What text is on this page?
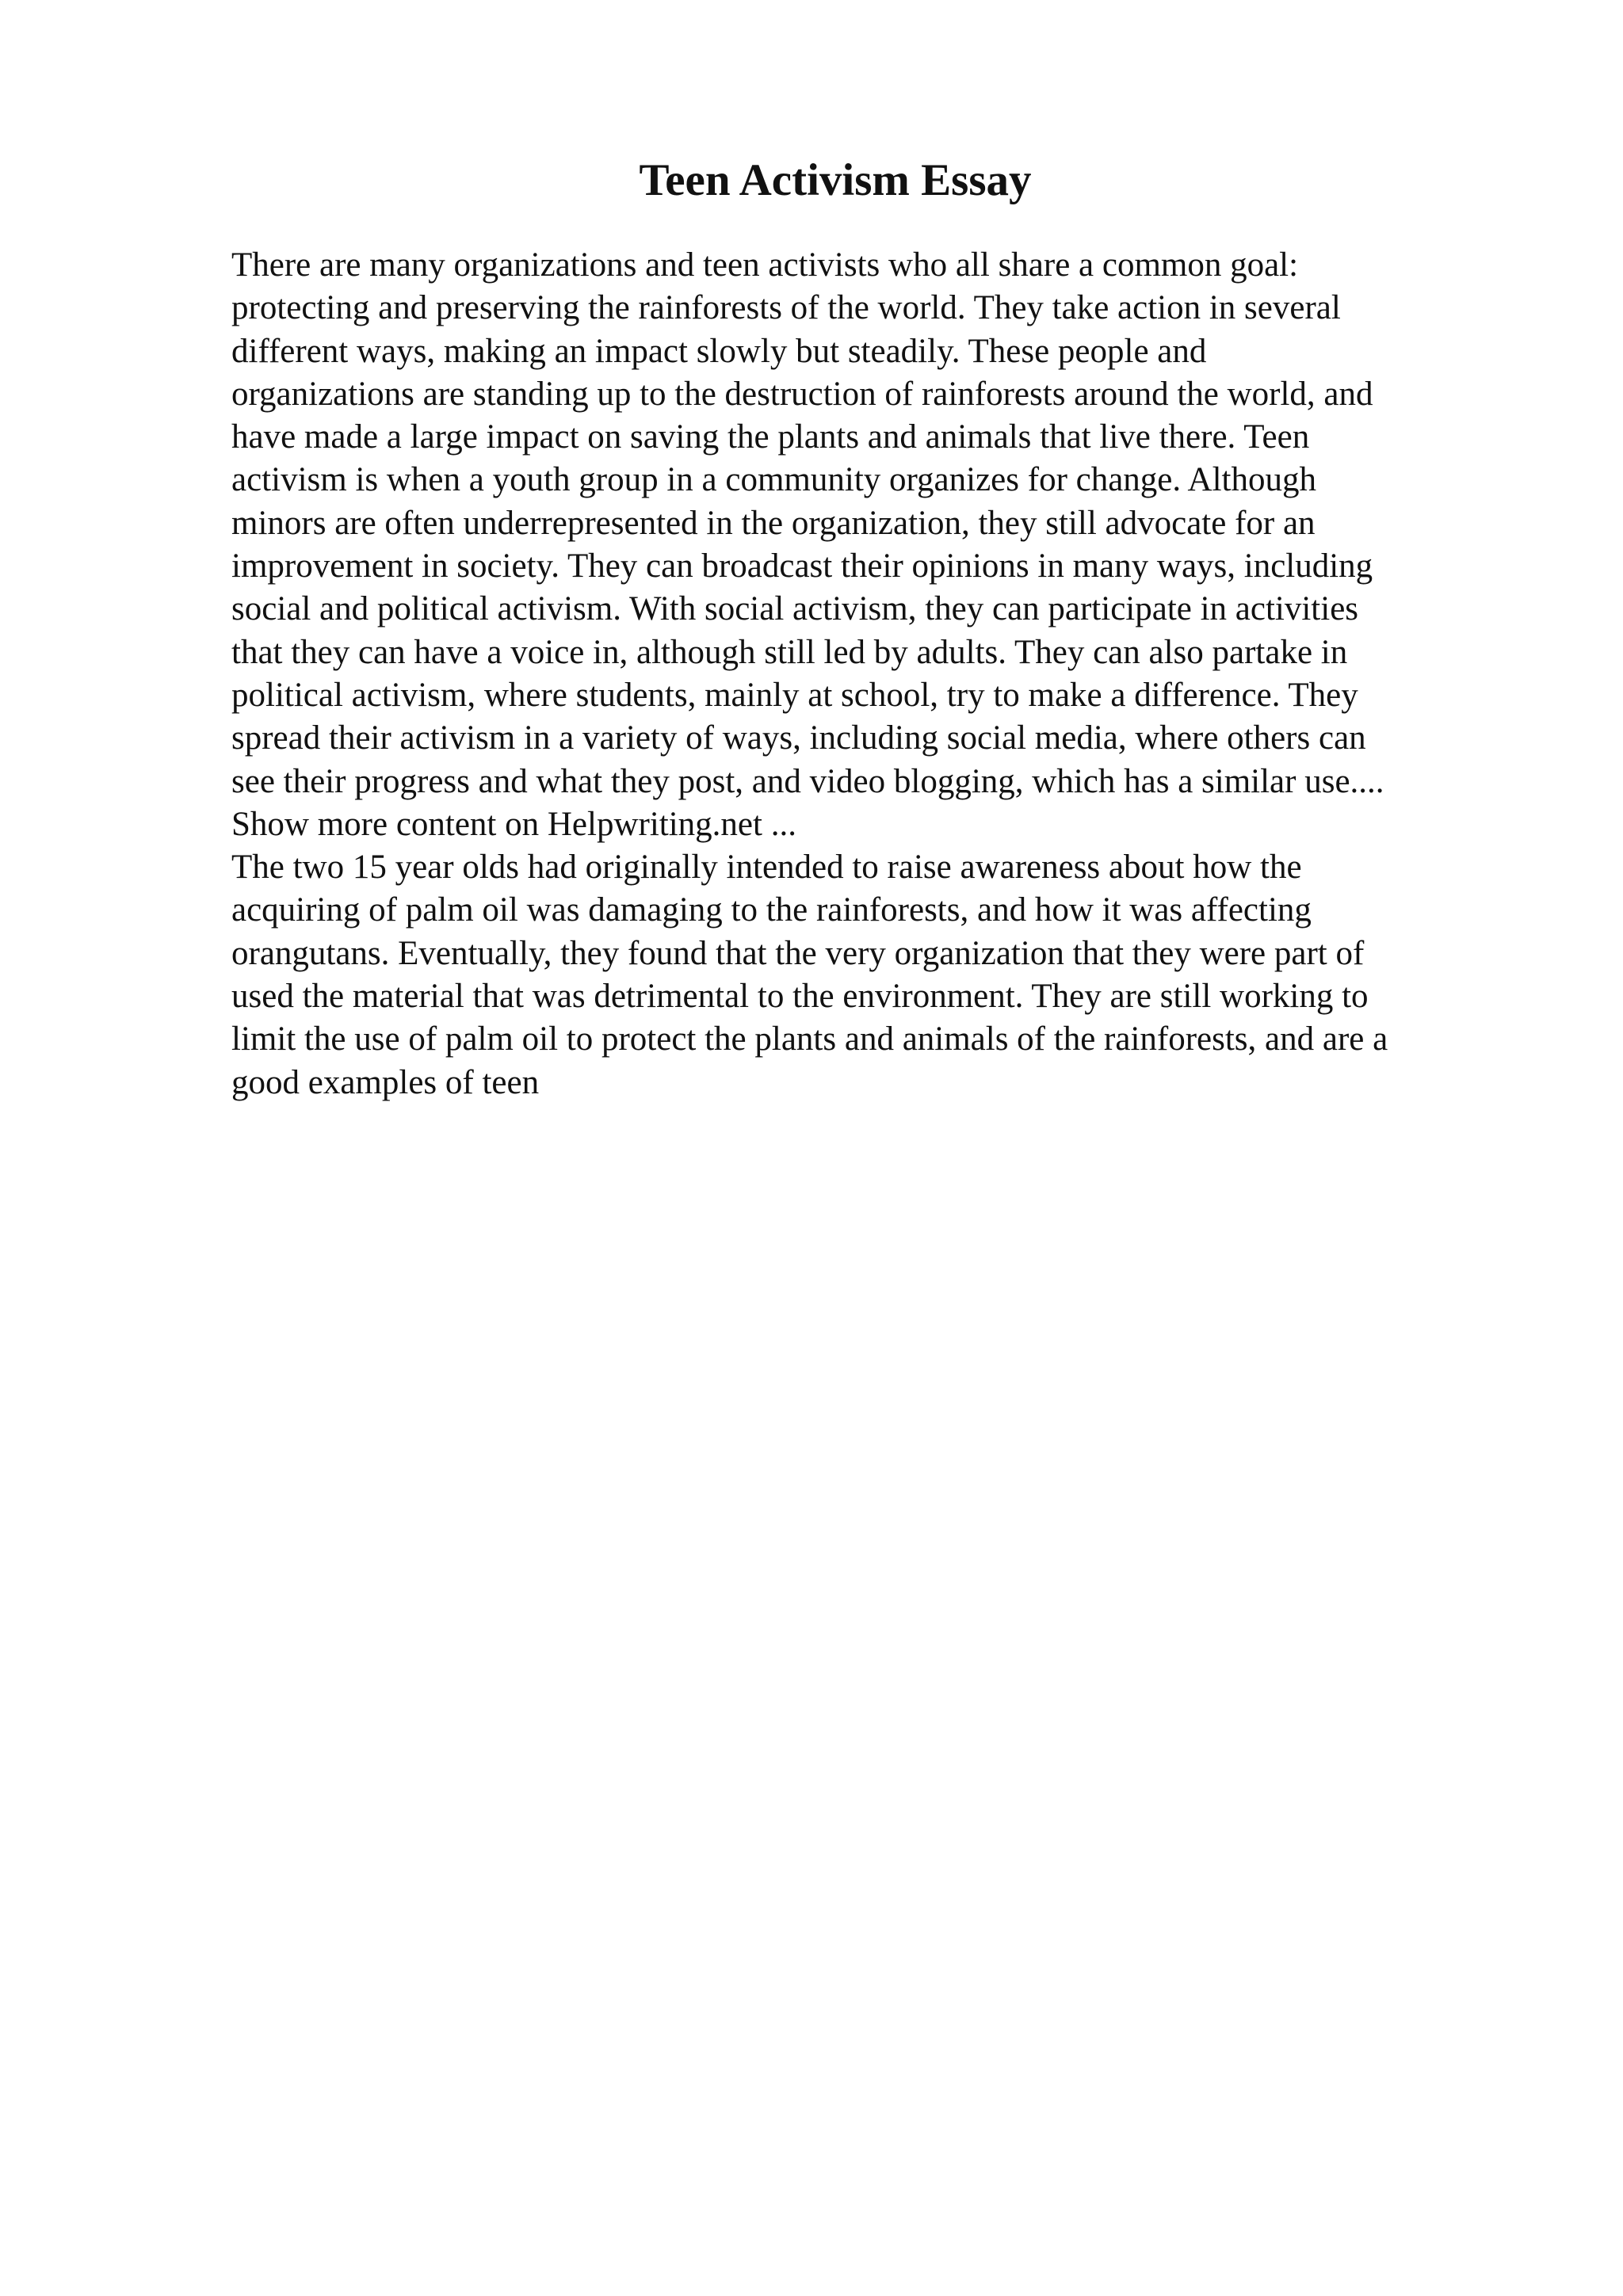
Teen Activism Essay
There are many organizations and teen activists who all share a common goal:
protecting and preserving the rainforests of the world. They take action in several
different ways, making an impact slowly but steadily. These people and
organizations are standing up to the destruction of rainforests around the world, and
have made a large impact on saving the plants and animals that live there. Teen
activism is when a youth group in a community organizes for change. Although
minors are often underrepresented in the organization, they still advocate for an
improvement in society. They can broadcast their opinions in many ways, including
social and political activism. With social activism, they can participate in activities
that they can have a voice in, although still led by adults. They can also partake in
political activism, where students, mainly at school, try to make a difference. They
spread their activism in a variety of ways, including social media, where others can
see their progress and what they post, and video blogging, which has a similar use....
Show more content on Helpwriting.net ...
The two 15 year olds had originally intended to raise awareness about how the
acquiring of palm oil was damaging to the rainforests, and how it was affecting
orangutans. Eventually, they found that the very organization that they were part of
used the material that was detrimental to the environment. They are still working to
limit the use of palm oil to protect the plants and animals of the rainforests, and are a
good examples of teen
